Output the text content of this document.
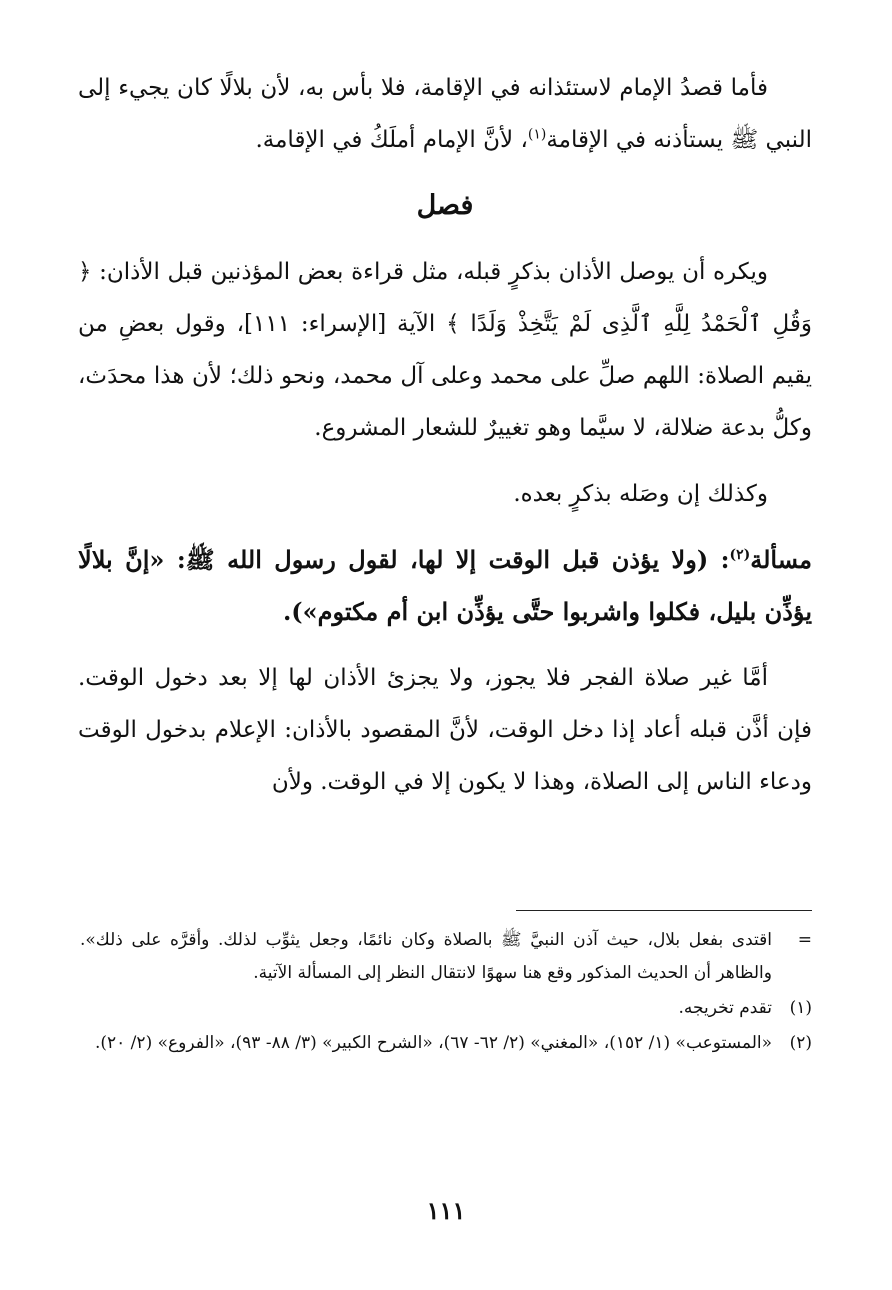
فأما قصدُ الإمام لاستئذانه في الإقامة، فلا بأس به، لأن بلالًا كان يجيء إلى النبي ﷺ يستأذنه في الإقامة$^{(١)}$، لأنَّ الإمام أملَكُ في الإقامة.

فصل

ويكره أن يوصل الأذان بذكرٍ قبله، مثل قراءة بعض المؤذنين قبل الأذان: ﴿ وَقُلِ ٱلْحَمْدُ لِلَّهِ ٱلَّذِى لَمْ يَتَّخِذْ وَلَدًا ﴾ الآية [الإسراء: ١١١]، وقول بعضِ من يقيم الصلاة: اللهم صلِّ على محمد وعلى آل محمد، ونحو ذلك؛ لأن هذا محدَث، وكلُّ بدعة ضلالة، لا سيَّما وهو تغييرٌ للشعار المشروع.

وكذلك إن وصَله بذكرٍ بعده.

مسألة$^{(٢)}$: (ولا يؤذن قبل الوقت إلا لها، لقول رسول الله ﷺ: «إنَّ بلالًا يؤذِّن بليل، فكلوا واشربوا حتَّى يؤذِّن ابن أم مكتوم»).

أمَّا غير صلاة الفجر فلا يجوز، ولا يجزئ الأذان لها إلا بعد دخول الوقت. فإن أذَّن قبله أعاد إذا دخل الوقت، لأنَّ المقصود بالأذان: الإعلام بدخول الوقت ودعاء الناس إلى الصلاة، وهذا لا يكون إلا في الوقت. ولأن

=
اقتدى بفعل بلال، حيث آذن النبيَّ ﷺ بالصلاة وكان نائمًا، وجعل يثوِّب لذلك. وأقرَّه على ذلك». والظاهر أن الحديث المذكور وقع هنا سهوًا لانتقال النظر إلى المسألة الآتية.
(١)
تقدم تخريجه.
(٢)
«المستوعب» (١/ ١٥٢)، «المغني» (٢/ ٦٢- ٦٧)، «الشرح الكبير» (٣/ ٨٨- ٩٣)، «الفروع» (٢/ ٢٠).
١١١
